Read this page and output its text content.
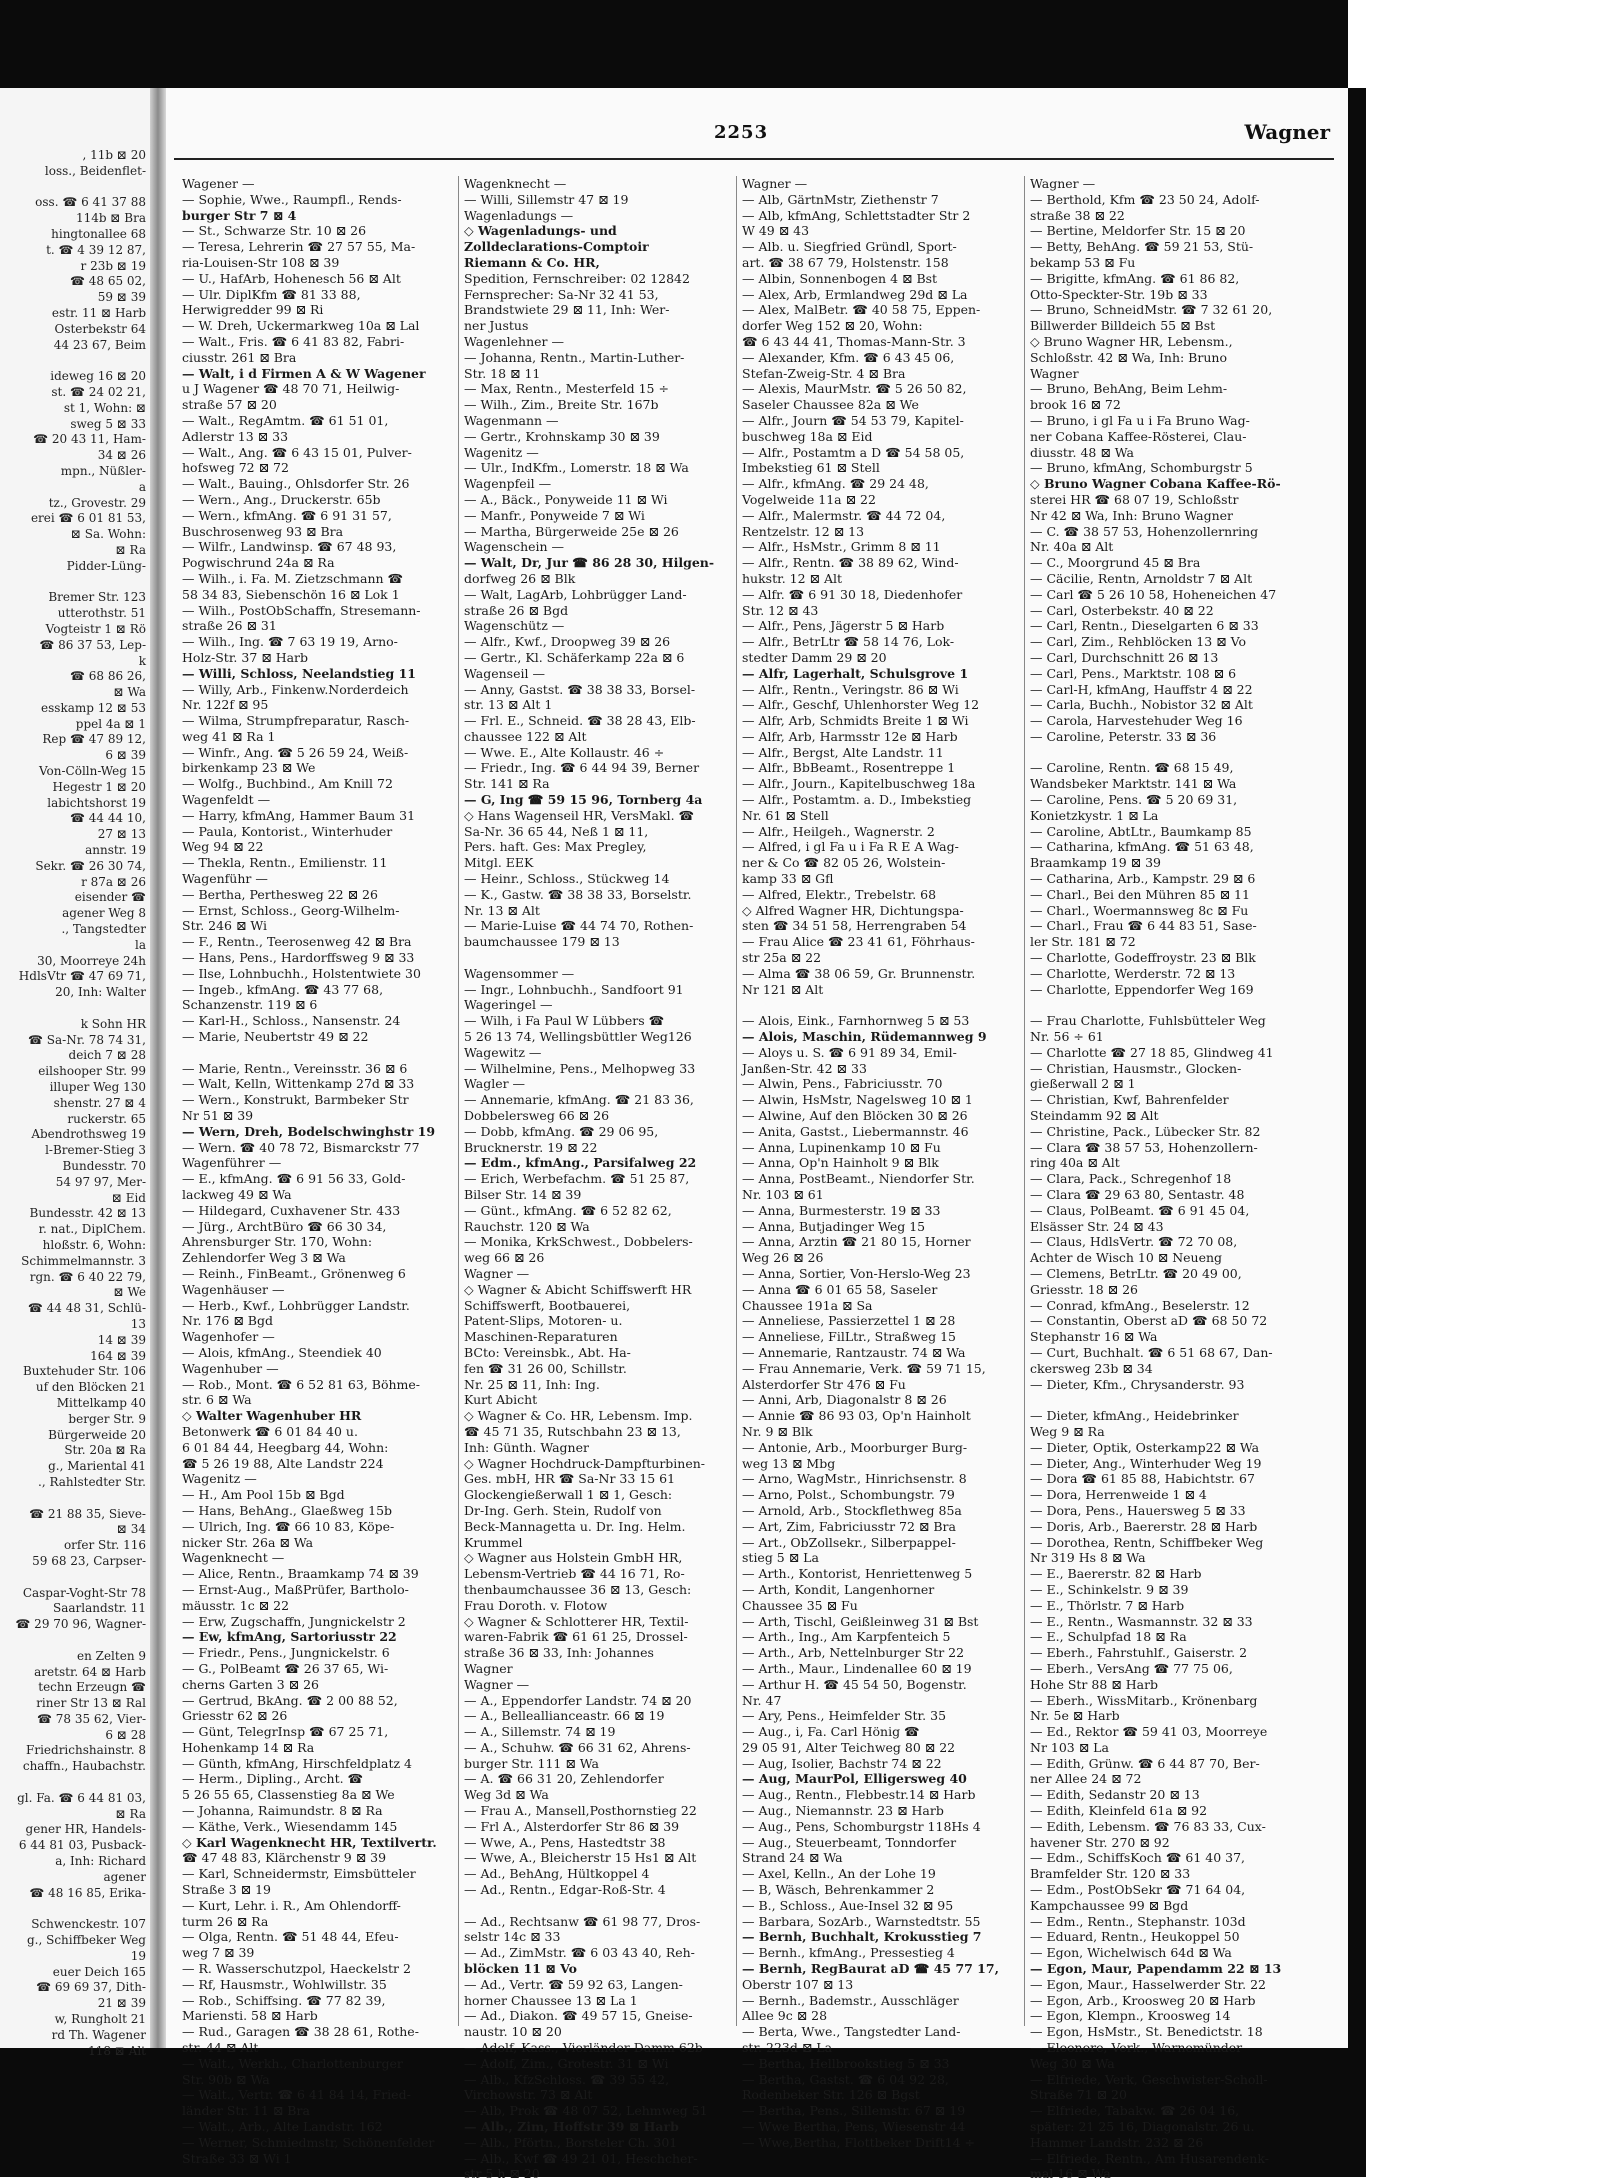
, 11b ⊠ 20
loss., Beidenflet-

oss. ☎ 6 41 37 88
114b ⊠ Bra
hingtonallee 68
t. ☎ 4 39 12 87,
r 23b ⊠ 19
☎ 48 65 02,
59 ⊠ 39
estr. 11 ⊠ Harb
Osterbekstr 64
44 23 67, Beim

ideweg 16 ⊠ 20
st. ☎ 24 02 21,
st 1, Wohn: ⊠
sweg 5 ⊠ 33
☎ 20 43 11, Ham-
34 ⊠ 26
mpn., Nüßler-
a
tz., Grovestr. 29
erei ☎ 6 01 81 53,
⊠ Sa. Wohn:
⊠ Ra
Pidder-Lüng-

Bremer Str. 123
utterothstr. 51
Vogteistr 1 ⊠ Rö
☎ 86 37 53, Lep-
k
☎ 68 86 26,
⊠ Wa
esskamp 12 ⊠ 53
ppel 4a ⊠ 1
Rep ☎ 47 89 12,
6 ⊠ 39
Von-Cölln-Weg 15
Hegestr 1 ⊠ 20
labichtshorst 19
☎ 44 44 10,
27 ⊠ 13
annstr. 19
Sekr. ☎ 26 30 74,
r 87a ⊠ 26
eisender ☎
agener Weg 8
., Tangstedter
la
30, Moorreye 24h
HdlsVtr ☎ 47 69 71,
20, Inh: Walter

k Sohn HR
☎ Sa-Nr. 78 74 31,
deich 7 ⊠ 28
eilshooper Str. 99
illuper Weg 130
shenstr. 27 ⊠ 4
ruckerstr. 65
Abendrothsweg 19
l-Bremer-Stieg 3
Bundesstr. 70
54 97 97, Mer-
⊠ Eid
Bundesstr. 42 ⊠ 13
r. nat., DiplChem.
hloßstr. 6, Wohn:
Schimmelmannstr. 3
rgn. ☎ 6 40 22 79,
⊠ We
☎ 44 48 31, Schlü-
13
14 ⊠ 39
164 ⊠ 39
Buxtehuder Str. 106
uf den Blöcken 21
Mittelkamp 40
berger Str. 9
Bürgerweide 20
Str. 20a ⊠ Ra
g., Mariental 41
., Rahlstedter Str.

☎ 21 88 35, Sieve-
⊠ 34
orfer Str. 116
59 68 23, Carpser-

Caspar-Voght-Str 78
Saarlandstr. 11
☎ 29 70 96, Wagner-

en Zelten 9
aretstr. 64 ⊠ Harb
techn Erzeugn ☎
riner Str 13 ⊠ Ral
☎ 78 35 62, Vier-
6 ⊠ 28
Friedrichshainstr. 8
chaffn., Haubachstr.

gl. Fa. ☎ 6 44 81 03,
⊠ Ra
gener HR, Handels-
6 44 81 03, Pusback-
a, Inh: Richard
agener
☎ 48 16 85, Erika-

Schwenckestr. 107
g., Schiffbeker Weg
19
euer Deich 165
☎ 69 69 37, Dith-
21 ⊠ 39
w, Rungholt 21
rd Th. Wagener
118 ⊠ Alt
2253	Wagner
Wagener —
— Sophie, Wwe., Raumpfl., Rends-
burger Str 7 ⊠ 4
— St., Schwarze Str. 10 ⊠ 26
— Teresa, Lehrerin ☎ 27 57 55, Ma-
ria-Louisen-Str 108 ⊠ 39
— U., HafArb, Hohenesch 56 ⊠ Alt
— Ulr. DiplKfm ☎ 81 33 88,
Herwigredder 99 ⊠ Ri
— W. Dreh, Uckermarkweg 10a ⊠ Lal
— Walt., Fris. ☎ 6 41 83 82, Fabri-
ciusstr. 261 ⊠ Bra
— Walt, i d Firmen A & W Wagener
u J Wagener ☎ 48 70 71, Heilwig-
straße 57 ⊠ 20
— Walt., RegAmtm. ☎ 61 51 01,
Adlerstr 13 ⊠ 33
— Walt., Ang. ☎ 6 43 15 01, Pulver-
hofsweg 72 ⊠ 72
— Walt., Bauing., Ohlsdorfer Str. 26
— Wern., Ang., Druckerstr. 65b
— Wern., kfmAng. ☎ 6 91 31 57,
Buschrosenweg 93 ⊠ Bra
— Wilfr., Landwinsp. ☎ 67 48 93,
Pogwischrund 24a ⊠ Ra
— Wilh., i. Fa. M. Zietzschmann ☎
58 34 83, Siebenschön 16 ⊠ Lok 1
— Wilh., PostObSchaffn, Stresemann-
straße 26 ⊠ 31
— Wilh., Ing. ☎ 7 63 19 19, Arno-
Holz-Str. 37 ⊠ Harb
— Willi, Schloss, Neelandstieg 11
— Willy, Arb., Finkenw.Norderdeich
Nr. 122f ⊠ 95
— Wilma, Strumpfreparatur, Rasch-
weg 41 ⊠ Ra 1
— Winfr., Ang. ☎ 5 26 59 24, Weiß-
birkenkamp 23 ⊠ We
— Wolfg., Buchbind., Am Knill 72
Wagenfeldt —
— Harry, kfmAng, Hammer Baum 31
— Paula, Kontorist., Winterhuder
Weg 94 ⊠ 22
— Thekla, Rentn., Emilienstr. 11
Wagenführ —
— Bertha, Perthesweg 22 ⊠ 26
— Ernst, Schloss., Georg-Wilhelm-
Str. 246 ⊠ Wi
— F., Rentn., Teerosenweg 42 ⊠ Bra
— Hans, Pens., Hardorffsweg 9 ⊠ 33
— Ilse, Lohnbuchh., Holstentwiete 30
— Ingeb., kfmAng. ☎ 43 77 68,
Schanzenstr. 119 ⊠ 6
— Karl-H., Schloss., Nansenstr. 24
— Marie, Neubertstr 49 ⊠ 22

— Marie, Rentn., Vereinsstr. 36 ⊠ 6
— Walt, Kelln, Wittenkamp 27d ⊠ 33
— Wern., Konstrukt, Barmbeker Str
Nr 51 ⊠ 39
— Wern, Dreh, Bodelschwinghstr 19
— Wern. ☎ 40 78 72, Bismarckstr 77
Wagenführer —
— E., kfmAng. ☎ 6 91 56 33, Gold-
lackweg 49 ⊠ Wa
— Hildegard, Cuxhavener Str. 433
— Jürg., ArchtBüro ☎ 66 30 34,
Ahrensburger Str. 170, Wohn:
Zehlendorfer Weg 3 ⊠ Wa
— Reinh., FinBeamt., Grönenweg 6
Wagenhäuser —
— Herb., Kwf., Lohbrügger Landstr.
Nr. 176 ⊠ Bgd
Wagenhofer —
— Alois, kfmAng., Steendiek 40
Wagenhuber —
— Rob., Mont. ☎ 6 52 81 63, Böhme-
str. 6 ⊠ Wa
◇ Walter Wagenhuber HR
Betonwerk ☎ 6 01 84 40 u.
6 01 84 44, Heegbarg 44, Wohn:
☎ 5 26 19 88, Alte Landstr 224
Wagenitz —
— H., Am Pool 15b ⊠ Bgd
— Hans, BehAng., Glaeßweg 15b
— Ulrich, Ing. ☎ 66 10 83, Köpe-
nicker Str. 26a ⊠ Wa
Wagenknecht —
— Alice, Rentn., Braamkamp 74 ⊠ 39
— Ernst-Aug., MaßPrüfer, Bartholo-
mäusstr. 1c ⊠ 22
— Erw, Zugschaffn, Jungnickelstr 2
— Ew, kfmAng, Sartoriusstr 22
— Friedr., Pens., Jungnickelstr. 6
— G., PolBeamt ☎ 26 37 65, Wi-
cherns Garten 3 ⊠ 26
— Gertrud, BkAng. ☎ 2 00 88 52,
Griesstr 62 ⊠ 26
— Günt, TelegrInsp ☎ 67 25 71,
Hohenkamp 14 ⊠ Ra
— Günth, kfmAng, Hirschfeldplatz 4
— Herm., Dipling., Archt. ☎
5 26 55 65, Classenstieg 8a ⊠ We
— Johanna, Raimundstr. 8 ⊠ Ra
— Käthe, Verk., Wiesendamm 145
◇ Karl Wagenknecht HR, Textilvertr.
☎ 47 48 83, Klärchenstr 9 ⊠ 39
— Karl, Schneidermstr, Eimsbütteler
Straße 3 ⊠ 19
— Kurt, Lehr. i. R., Am Ohlendorff-
turm 26 ⊠ Ra
— Olga, Rentn. ☎ 51 48 44, Efeu-
weg 7 ⊠ 39
— R. Wasserschutzpol, Haeckelstr 2
— Rf, Hausmstr., Wohlwillstr. 35
— Rob., Schiffsing. ☎ 77 82 39,
Mariensti. 58 ⊠ Harb
— Rud., Garagen ☎ 38 28 61, Rothe-
str. 44 ⊠ Alt
— Walt., Werkh., Charlottenburger
Str. 90b ⊠ Wa
— Walt., Vertr. ☎ 6 41 84 14, Fried-
länder Str. 11 ⊠ Bra
— Walt., Arb., Alte Landstr. 162
— Werner, Schmiedmstr, Schönenfelder
Straße 33 ⊠ Wi 1
Wagenknecht —
— Willi, Sillemstr 47 ⊠ 19
Wagenladungs —
◇ Wagenladungs- und
Zolldeclarations-Comptoir
Riemann & Co. HR,
Spedition, Fernschreiber: 02 12842
Fernsprecher: Sa-Nr 32 41 53,
Brandstwiete 29 ⊠ 11, Inh: Wer-
ner Justus
Wagenlehner —
— Johanna, Rentn., Martin-Luther-
Str. 18 ⊠ 11
— Max, Rentn., Mesterfeld 15 ÷
— Wilh., Zim., Breite Str. 167b
Wagenmann —
— Gertr., Krohnskamp 30 ⊠ 39
Wagenitz —
— Ulr., IndKfm., Lomerstr. 18 ⊠ Wa
Wagenpfeil —
— A., Bäck., Ponyweide 11 ⊠ Wi
— Manfr., Ponyweide 7 ⊠ Wi
— Martha, Bürgerweide 25e ⊠ 26
Wagenschein —
— Walt, Dr, Jur ☎ 86 28 30, Hilgen-
dorfweg 26 ⊠ Blk
— Walt, LagArb, Lohbrügger Land-
straße 26 ⊠ Bgd
Wagenschütz —
— Alfr., Kwf., Droopweg 39 ⊠ 26
— Gertr., Kl. Schäferkamp 22a ⊠ 6
Wagenseil —
— Anny, Gastst. ☎ 38 38 33, Borsel-
str. 13 ⊠ Alt 1
— Frl. E., Schneid. ☎ 38 28 43, Elb-
chaussee 122 ⊠ Alt
— Wwe. E., Alte Kollaustr. 46 ÷
— Friedr., Ing. ☎ 6 44 94 39, Berner
Str. 141 ⊠ Ra
— G, Ing ☎ 59 15 96, Tornberg 4a
◇ Hans Wagenseil HR, VersMakl. ☎
Sa-Nr. 36 65 44, Neß 1 ⊠ 11,
Pers. haft. Ges: Max Pregley,
Mitgl. EEK
— Heinr., Schloss., Stückweg 14
— K., Gastw. ☎ 38 38 33, Borselstr.
Nr. 13 ⊠ Alt
— Marie-Luise ☎ 44 74 70, Rothen-
baumchaussee 179 ⊠ 13

Wagensommer —
— Ingr., Lohnbuchh., Sandfoort 91
Wageringel —
— Wilh, i Fa Paul W Lübbers ☎
5 26 13 74, Wellingsbüttler Weg126
Wagewitz —
— Wilhelmine, Pens., Melhopweg 33
Wagler —
— Annemarie, kfmAng. ☎ 21 83 36,
Dobbelersweg 66 ⊠ 26
— Dobb, kfmAng. ☎ 29 06 95,
Brucknerstr. 19 ⊠ 22
— Edm., kfmAng., Parsifalweg 22
— Erich, Werbefachm. ☎ 51 25 87,
Bilser Str. 14 ⊠ 39
— Günt., kfmAng. ☎ 6 52 82 62,
Rauchstr. 120 ⊠ Wa
— Monika, KrkSchwest., Dobbelers-
weg 66 ⊠ 26
Wagner —
◇ Wagner & Abicht Schiffswerft HR
Schiffswerft, Bootbauerei,
Patent-Slips, Motoren- u.
Maschinen-Reparaturen
BCto: Vereinsbk., Abt. Ha-
fen ☎ 31 26 00, Schillstr.
Nr. 25 ⊠ 11, Inh: Ing.
Kurt Abicht
◇ Wagner & Co. HR, Lebensm. Imp.
☎ 45 71 35, Rutschbahn 23 ⊠ 13,
Inh: Günth. Wagner
◇ Wagner Hochdruck-Dampfturbinen-
Ges. mbH, HR ☎ Sa-Nr 33 15 61
Glockengießerwall 1 ⊠ 1, Gesch:
Dr-Ing. Gerh. Stein, Rudolf von
Beck-Mannagetta u. Dr. Ing. Helm.
Krummel
◇ Wagner aus Holstein GmbH HR,
Lebensm-Vertrieb ☎ 44 16 71, Ro-
thenbaumchaussee 36 ⊠ 13, Gesch:
Frau Doroth. v. Flotow
◇ Wagner & Schlotterer HR, Textil-
waren-Fabrik ☎ 61 61 25, Drossel-
straße 36 ⊠ 33, Inh: Johannes
Wagner
Wagner —
— A., Eppendorfer Landstr. 74 ⊠ 20
— A., Belleallianceastr. 66 ⊠ 19
— A., Sillemstr. 74 ⊠ 19
— A., Schuhw. ☎ 66 31 62, Ahrens-
burger Str. 111 ⊠ Wa
— A. ☎ 66 31 20, Zehlendorfer
Weg 3d ⊠ Wa
— Frau A., Mansell,Posthornstieg 22
— Frl A., Alsterdorfer Str 86 ⊠ 39
— Wwe, A., Pens, Hastedtstr 38
— Wwe, A., Bleicherstr 15 Hs1 ⊠ Alt
— Ad., BehAng, Hültkoppel 4
— Ad., Rentn., Edgar-Roß-Str. 4

— Ad., Rechtsanw ☎ 61 98 77, Dros-
selstr 14c ⊠ 33
— Ad., ZimMstr. ☎ 6 03 43 40, Reh-
blöcken 11 ⊠ Vo
— Ad., Vertr. ☎ 59 92 63, Langen-
horner Chaussee 13 ⊠ La 1
— Ad., Diakon. ☎ 49 57 15, Gneise-
naustr. 10 ⊠ 20
— Adolf, Kass., Vierländer Damm 62b
— Adolf, Zim., Grotestr. 31 ⊠ Wi
— Alb., KfzSchloss. ☎ 39 55 42,
Virchowstr. 73 ⊠ Alt
— Alb, Prok ☎ 48 07 52, Lehmweg 51
— Alb., Zim, Hoffstr 39 ⊠ Harb
— Alb., Pförtn., Borsteler Ch. 301
— Alb., Kwf ☎ 49 21 01, Heschcher-
str 5 h ⊠ 20
Wagner —
— Alb, GärtnMstr, Ziethenstr 7
— Alb, kfmAng, Schlettstadter Str 2
W 49 ⊠ 43
— Alb. u. Siegfried Gründl, Sport-
art. ☎ 38 67 79, Holstenstr. 158
— Albin, Sonnenbogen 4 ⊠ Bst
— Alex, Arb, Ermlandweg 29d ⊠ La
— Alex, MalBetr. ☎ 40 58 75, Eppen-
dorfer Weg 152 ⊠ 20, Wohn:
☎ 6 43 44 41, Thomas-Mann-Str. 3
— Alexander, Kfm. ☎ 6 43 45 06,
Stefan-Zweig-Str. 4 ⊠ Bra
— Alexis, MaurMstr. ☎ 5 26 50 82,
Saseler Chaussee 82a ⊠ We
— Alfr., Journ ☎ 54 53 79, Kapitel-
buschweg 18a ⊠ Eid
— Alfr., Postamtm a D ☎ 54 58 05,
Imbekstieg 61 ⊠ Stell
— Alfr., kfmAng. ☎ 29 24 48,
Vogelweide 11a ⊠ 22
— Alfr., Malermstr. ☎ 44 72 04,
Rentzelstr. 12 ⊠ 13
— Alfr., HsMstr., Grimm 8 ⊠ 11
— Alfr., Rentn. ☎ 38 89 62, Wind-
hukstr. 12 ⊠ Alt
— Alfr. ☎ 6 91 30 18, Diedenhofer
Str. 12 ⊠ 43
— Alfr., Pens, Jägerstr 5 ⊠ Harb
— Alfr., BetrLtr ☎ 58 14 76, Lok-
stedter Damm 29 ⊠ 20
— Alfr, Lagerhalt, Schulsgrove 1
— Alfr., Rentn., Veringstr. 86 ⊠ Wi
— Alfr., Geschf, Uhlenhorster Weg 12
— Alfr, Arb, Schmidts Breite 1 ⊠ Wi
— Alfr, Arb, Harmsstr 12e ⊠ Harb
— Alfr., Bergst, Alte Landstr. 11
— Alfr., BbBeamt., Rosentreppe 1
— Alfr., Journ., Kapitelbuschweg 18a
— Alfr., Postamtm. a. D., Imbekstieg
Nr. 61 ⊠ Stell
— Alfr., Heilgeh., Wagnerstr. 2
— Alfred, i gl Fa u i Fa R E A Wag-
ner & Co ☎ 82 05 26, Wolstein-
kamp 33 ⊠ Gfl
— Alfred, Elektr., Trebelstr. 68
◇ Alfred Wagner HR, Dichtungspa-
sten ☎ 34 51 58, Herrengraben 54
— Frau Alice ☎ 23 41 61, Föhrhaus-
str 25a ⊠ 22
— Alma ☎ 38 06 59, Gr. Brunnenstr.
Nr 121 ⊠ Alt

— Alois, Eink., Farnhornweg 5 ⊠ 53
— Alois, Maschin, Rüdemannweg 9
— Aloys u. S. ☎ 6 91 89 34, Emil-
Janßen-Str. 42 ⊠ 33
— Alwin, Pens., Fabriciusstr. 70
— Alwin, HsMstr, Nagelsweg 10 ⊠ 1
— Alwine, Auf den Blöcken 30 ⊠ 26
— Anita, Gastst., Liebermannstr. 46
— Anna, Lupinenkamp 10 ⊠ Fu
— Anna, Op'n Hainholt 9 ⊠ Blk
— Anna, PostBeamt., Niendorfer Str.
Nr. 103 ⊠ 61
— Anna, Burmesterstr. 19 ⊠ 33
— Anna, Butjadinger Weg 15
— Anna, Arztin ☎ 21 80 15, Horner
Weg 26 ⊠ 26
— Anna, Sortier, Von-Herslo-Weg 23
— Anna ☎ 6 01 65 58, Saseler
Chaussee 191a ⊠ Sa
— Anneliese, Passierzettel 1 ⊠ 28
— Anneliese, FilLtr., Straßweg 15
— Annemarie, Rantzaustr. 74 ⊠ Wa
— Frau Annemarie, Verk. ☎ 59 71 15,
Alsterdorfer Str 476 ⊠ Fu
— Anni, Arb, Diagonalstr 8 ⊠ 26
— Annie ☎ 86 93 03, Op'n Hainholt
Nr. 9 ⊠ Blk
— Antonie, Arb., Moorburger Burg-
weg 13 ⊠ Mbg
— Arno, WagMstr., Hinrichsenstr. 8
— Arno, Polst., Schombungstr. 79
— Arnold, Arb., Stockflethweg 85a
— Art, Zim, Fabriciusstr 72 ⊠ Bra
— Art., ObZollsekr., Silberpappel-
stieg 5 ⊠ La
— Arth., Kontorist, Henriettenweg 5
— Arth, Kondit, Langenhorner
Chaussee 35 ⊠ Fu
— Arth, Tischl, Geißleinweg 31 ⊠ Bst
— Arth., Ing., Am Karpfenteich 5
— Arth., Arb, Nettelnburger Str 22
— Arth., Maur., Lindenallee 60 ⊠ 19
— Arthur H. ☎ 45 54 50, Bogenstr.
Nr. 47
— Ary, Pens., Heimfelder Str. 35
— Aug., i, Fa. Carl Hönig ☎
29 05 91, Alter Teichweg 80 ⊠ 22
— Aug, Isolier, Bachstr 74 ⊠ 22
— Aug, MaurPol, Elligersweg 40
— Aug., Rentn., Flebbestr.14 ⊠ Harb
— Aug., Niemannstr. 23 ⊠ Harb
— Aug., Pens, Schomburgstr 118Hs 4
— Aug., Steuerbeamt, Tonndorfer
Strand 24 ⊠ Wa
— Axel, Kelln., An der Lohe 19
— B, Wäsch, Behrenkammer 2
— B., Schloss., Aue-Insel 32 ⊠ 95
— Barbara, SozArb., Warnstedtstr. 55
— Bernh, Buchhalt, Krokusstieg 7
— Bernh., kfmAng., Pressestieg 4
— Bernh, RegBaurat aD ☎ 45 77 17,
Oberstr 107 ⊠ 13
— Bernh., Bademstr., Ausschläger
Allee 9c ⊠ 28
— Berta, Wwe., Tangstedter Land-
str. 223d ⊠ La
— Bertha, Hellbrookstieg 5 ⊠ 33
— Bertha, Gastst. ☎ 6 04 92 28,
Rodenbeker Str. 126 ⊠ Bgst
— Bertha, Pens., Sillemstr. 67 ⊠ 19
— Wwe Bertha, Pens, Wiesenstr 44
— Wwe,Bertha, Flottbeker Drift14 ÷
Wagner —
— Berthold, Kfm ☎ 23 50 24, Adolf-
straße 38 ⊠ 22
— Bertine, Meldorfer Str. 15 ⊠ 20
— Betty, BehAng. ☎ 59 21 53, Stü-
bekamp 53 ⊠ Fu
— Brigitte, kfmAng. ☎ 61 86 82,
Otto-Speckter-Str. 19b ⊠ 33
— Bruno, SchneidMstr. ☎ 7 32 61 20,
Billwerder Billdeich 55 ⊠ Bst
◇ Bruno Wagner HR, Lebensm.,
Schloßstr. 42 ⊠ Wa, Inh: Bruno
Wagner
— Bruno, BehAng, Beim Lehm-
brook 16 ⊠ 72
— Bruno, i gl Fa u i Fa Bruno Wag-
ner Cobana Kaffee-Rösterei, Clau-
diusstr. 48 ⊠ Wa
— Bruno, kfmAng, Schomburgstr 5
◇ Bruno Wagner Cobana Kaffee-Rö-
sterei HR ☎ 68 07 19, Schloßstr
Nr 42 ⊠ Wa, Inh: Bruno Wagner
— C. ☎ 38 57 53, Hohenzollernring
Nr. 40a ⊠ Alt
— C., Moorgrund 45 ⊠ Bra
— Cäcilie, Rentn, Arnoldstr 7 ⊠ Alt
— Carl ☎ 5 26 10 58, Hoheneichen 47
— Carl, Osterbekstr. 40 ⊠ 22
— Carl, Rentn., Dieselgarten 6 ⊠ 33
— Carl, Zim., Rehblöcken 13 ⊠ Vo
— Carl, Durchschnitt 26 ⊠ 13
— Carl, Pens., Marktstr. 108 ⊠ 6
— Carl-H, kfmAng, Hauffstr 4 ⊠ 22
— Carla, Buchh., Nobistor 32 ⊠ Alt
— Carola, Harvestehuder Weg 16
— Caroline, Peterstr. 33 ⊠ 36

— Caroline, Rentn. ☎ 68 15 49,
Wandsbeker Marktstr. 141 ⊠ Wa
— Caroline, Pens. ☎ 5 20 69 31,
Konietzkystr. 1 ⊠ La
— Caroline, AbtLtr., Baumkamp 85
— Catharina, kfmAng. ☎ 51 63 48,
Braamkamp 19 ⊠ 39
— Catharina, Arb., Kampstr. 29 ⊠ 6
— Charl., Bei den Mühren 85 ⊠ 11
— Charl., Woermannsweg 8c ⊠ Fu
— Charl., Frau ☎ 6 44 83 51, Sase-
ler Str. 181 ⊠ 72
— Charlotte, Godeffroystr. 23 ⊠ Blk
— Charlotte, Werderstr. 72 ⊠ 13
— Charlotte, Eppendorfer Weg 169

— Frau Charlotte, Fuhlsbütteler Weg
Nr. 56 ÷ 61
— Charlotte ☎ 27 18 85, Glindweg 41
— Christian, Hausmstr., Glocken-
gießerwall 2 ⊠ 1
— Christian, Kwf, Bahrenfelder
Steindamm 92 ⊠ Alt
— Christine, Pack., Lübecker Str. 82
— Clara ☎ 38 57 53, Hohenzollern-
ring 40a ⊠ Alt
— Clara, Pack., Schregenhof 18
— Clara ☎ 29 63 80, Sentastr. 48
— Claus, PolBeamt. ☎ 6 91 45 04,
Elsässer Str. 24 ⊠ 43
— Claus, HdlsVertr. ☎ 72 70 08,
Achter de Wisch 10 ⊠ Neueng
— Clemens, BetrLtr. ☎ 20 49 00,
Griesstr. 18 ⊠ 26
— Conrad, kfmAng., Beselerstr. 12
— Constantin, Oberst aD ☎ 68 50 72
Stephanstr 16 ⊠ Wa
— Curt, Buchhalt. ☎ 6 51 68 67, Dan-
ckersweg 23b ⊠ 34
— Dieter, Kfm., Chrysanderstr. 93

— Dieter, kfmAng., Heidebrinker
Weg 9 ⊠ Ra
— Dieter, Optik, Osterkamp22 ⊠ Wa
— Dieter, Ang., Winterhuder Weg 19
— Dora ☎ 61 85 88, Habichtstr. 67
— Dora, Herrenweide 1 ⊠ 4
— Dora, Pens., Hauersweg 5 ⊠ 33
— Doris, Arb., Baererstr. 28 ⊠ Harb
— Dorothea, Rentn, Schiffbeker Weg
Nr 319 Hs 8 ⊠ Wa
— E., Baererstr. 82 ⊠ Harb
— E., Schinkelstr. 9 ⊠ 39
— E., Thörlstr. 7 ⊠ Harb
— E., Rentn., Wasmannstr. 32 ⊠ 33
— E., Schulpfad 18 ⊠ Ra
— Eberh., Fahrstuhlf., Gaiserstr. 2
— Eberh., VersAng ☎ 77 75 06,
Hohe Str 88 ⊠ Harb
— Eberh., WissMitarb., Krönenbarg
Nr. 5e ⊠ Harb
— Ed., Rektor ☎ 59 41 03, Moorreye
Nr 103 ⊠ La
— Edith, Grünw. ☎ 6 44 87 70, Ber-
ner Allee 24 ⊠ 72
— Edith, Sedanstr 20 ⊠ 13
— Edith, Kleinfeld 61a ⊠ 92
— Edith, Lebensm. ☎ 76 83 33, Cux-
havener Str. 270 ⊠ 92
— Edm., SchiffsKoch ☎ 61 40 37,
Bramfelder Str. 120 ⊠ 33
— Edm., PostObSekr ☎ 71 64 04,
Kampchaussee 99 ⊠ Bgd
— Edm., Rentn., Stephanstr. 103d
— Eduard, Rentn., Heukoppel 50
— Egon, Wichelwisch 64d ⊠ Wa
— Egon, Maur, Papendamm 22 ⊠ 13
— Egon, Maur., Hasselwerder Str. 22
— Egon, Arb., Kroosweg 20 ⊠ Harb
— Egon, Klempn., Kroosweg 14
— Egon, HsMstr., St. Benedictstr. 18
— Eleonore, Verk., Warnemünder
Weg 30 ⊠ Wa
— Elfriede, Verk, Geschwister-Scholl-
Straße 71 ⊠ 20
— Elfriede, Tabakw. ☎ 26 04 16,
später: 21 25 16, Diagonalstr. 26 u.
Hammer Landstr. 232 ⊠ 26
— Elfriede, Rentn., Am Husarendenk-
mal 16 ⊠ Wa
